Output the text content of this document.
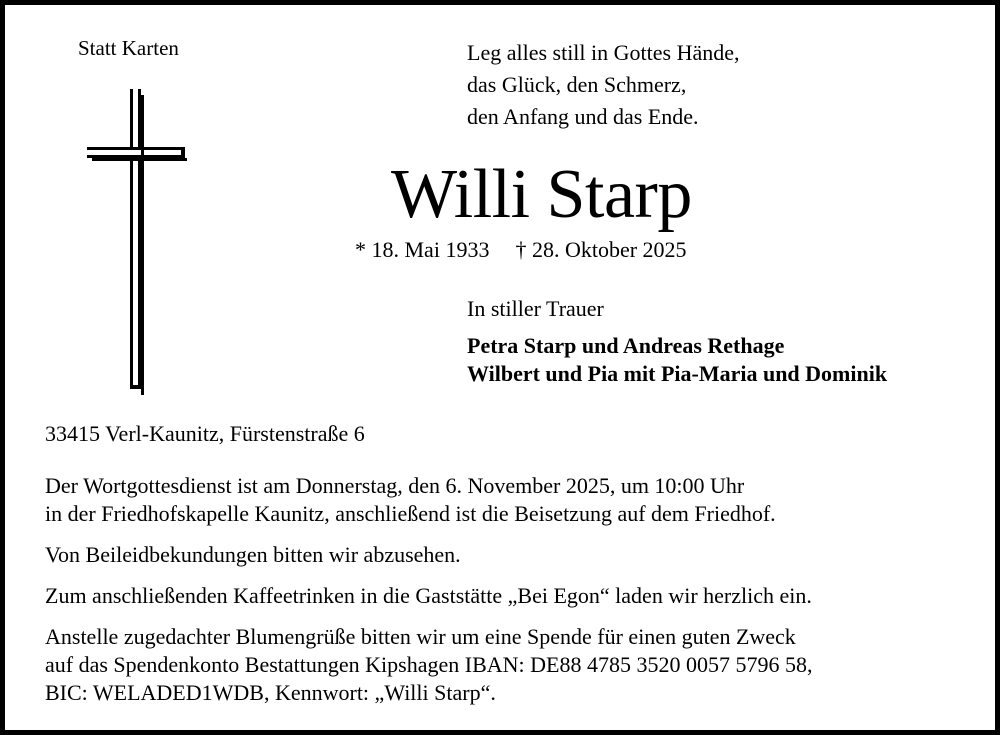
Statt Karten	Leg alles still in Gottes Hände,
das Glück, den Schmerz,
den Anfang und das Ende.
Willi Starp
* 18. Mai 1933 † 28. Oktober 2025
In stiller Trauer
Petra Starp und Andreas Rethage
Wilbert und Pia mit Pia-Maria und Dominik
33415 Verl-Kaunitz, Fürstenstraße 6
Der Wortgottesdienst ist am Donnerstag, den 6. November 2025, um 10:00 Uhr
in der Friedhofskapelle Kaunitz, anschließend ist die Beisetzung auf dem Friedhof.
Von Beileidbekundungen bitten wir abzusehen.
Zum anschließenden Kaffeetrinken in die Gaststätte „Bei Egon“ laden wir herzlich ein.
Anstelle zugedachter Blumengrüße bitten wir um eine Spende für einen guten Zweck
auf das Spendenkonto Bestattungen Kipshagen IBAN: DE88 4785 3520 0057 5796 58,
BIC: WELADED1WDB, Kennwort: „Willi Starp“.
